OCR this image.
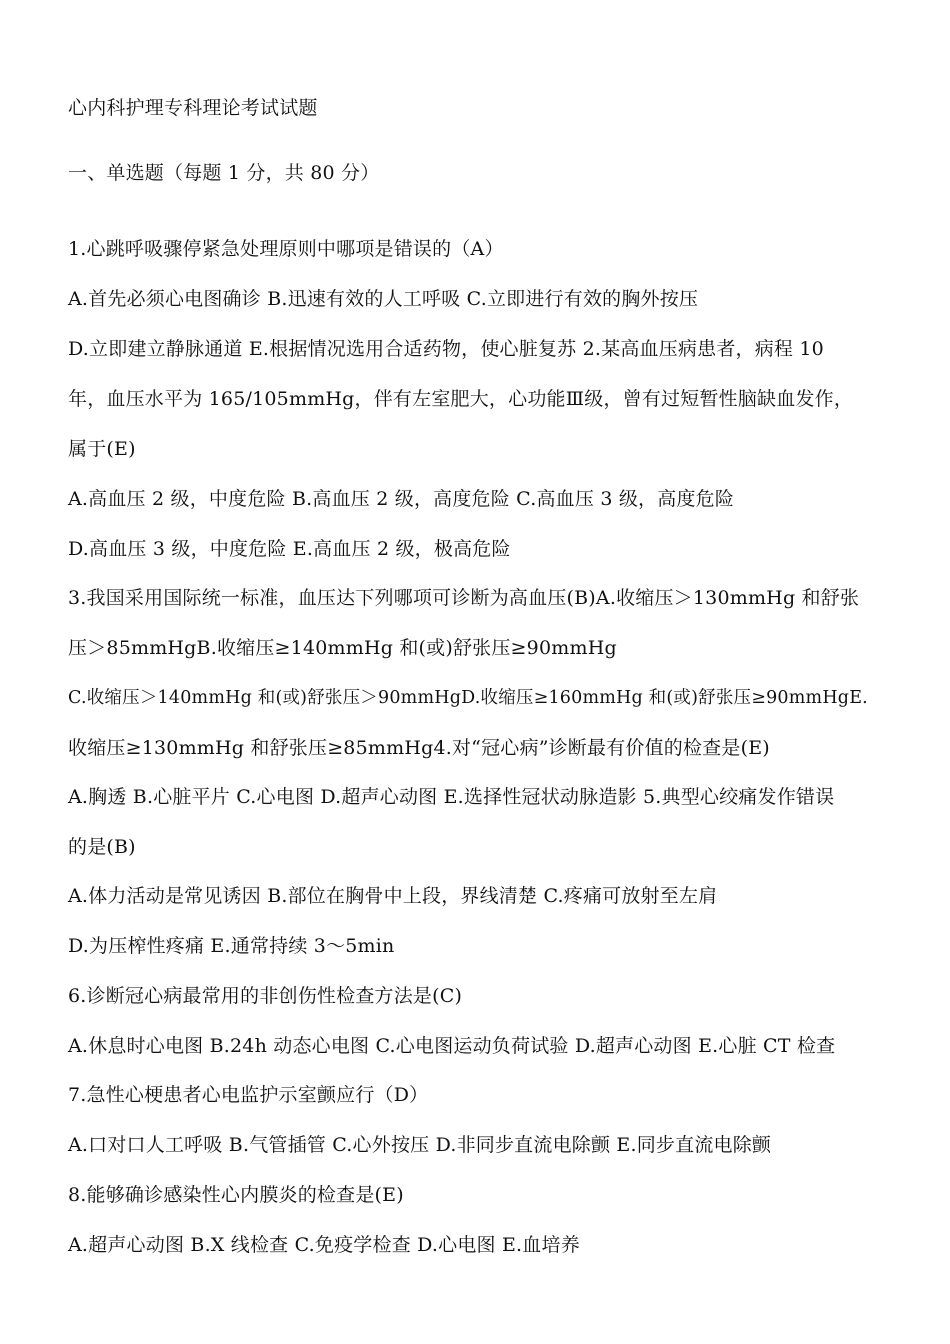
心内科护理专科理论考试试题
一、单选题（每题 1 分，共 80 分）
1.心跳呼吸骤停紧急处理原则中哪项是错误的（A）
A.首先必须心电图确诊 B.迅速有效的人工呼吸 C.立即进行有效的胸外按压
D.立即建立静脉通道 E.根据情况选用合适药物，使心脏复苏 2.某高血压病患者，病程 10
年，血压水平为 165/105mmHg，伴有左室肥大，心功能Ⅲ级，曾有过短暂性脑缺血发作，
属于(E)
A.高血压 2 级，中度危险 B.高血压 2 级，高度危险 C.高血压 3 级，高度危险
D.高血压 3 级，中度危险 E.高血压 2 级，极高危险
3.我国采用国际统一标准，血压达下列哪项可诊断为高血压(B)A.收缩压＞130mmHg 和舒张
压＞85mmHgB.收缩压≥140mmHg 和(或)舒张压≥90mmHg
C.收缩压＞140mmHg 和(或)舒张压＞90mmHgD.收缩压≥160mmHg 和(或)舒张压≥90mmHgE.
收缩压≥130mmHg 和舒张压≥85mmHg4.对“冠心病”诊断最有价值的检查是(E)
A.胸透 B.心脏平片 C.心电图 D.超声心动图 E.选择性冠状动脉造影 5.典型心绞痛发作错误
的是(B)
A.体力活动是常见诱因 B.部位在胸骨中上段，界线清楚 C.疼痛可放射至左肩
D.为压榨性疼痛 E.通常持续 3～5min
6.诊断冠心病最常用的非创伤性检查方法是(C)
A.休息时心电图 B.24h 动态心电图 C.心电图运动负荷试验 D.超声心动图 E.心脏 CT 检查
7.急性心梗患者心电监护示室颤应行（D）
A.口对口人工呼吸 B.气管插管 C.心外按压 D.非同步直流电除颤 E.同步直流电除颤
8.能够确诊感染性心内膜炎的检查是(E)
A.超声心动图 B.X 线检查 C.免疫学检查 D.心电图 E.血培养
